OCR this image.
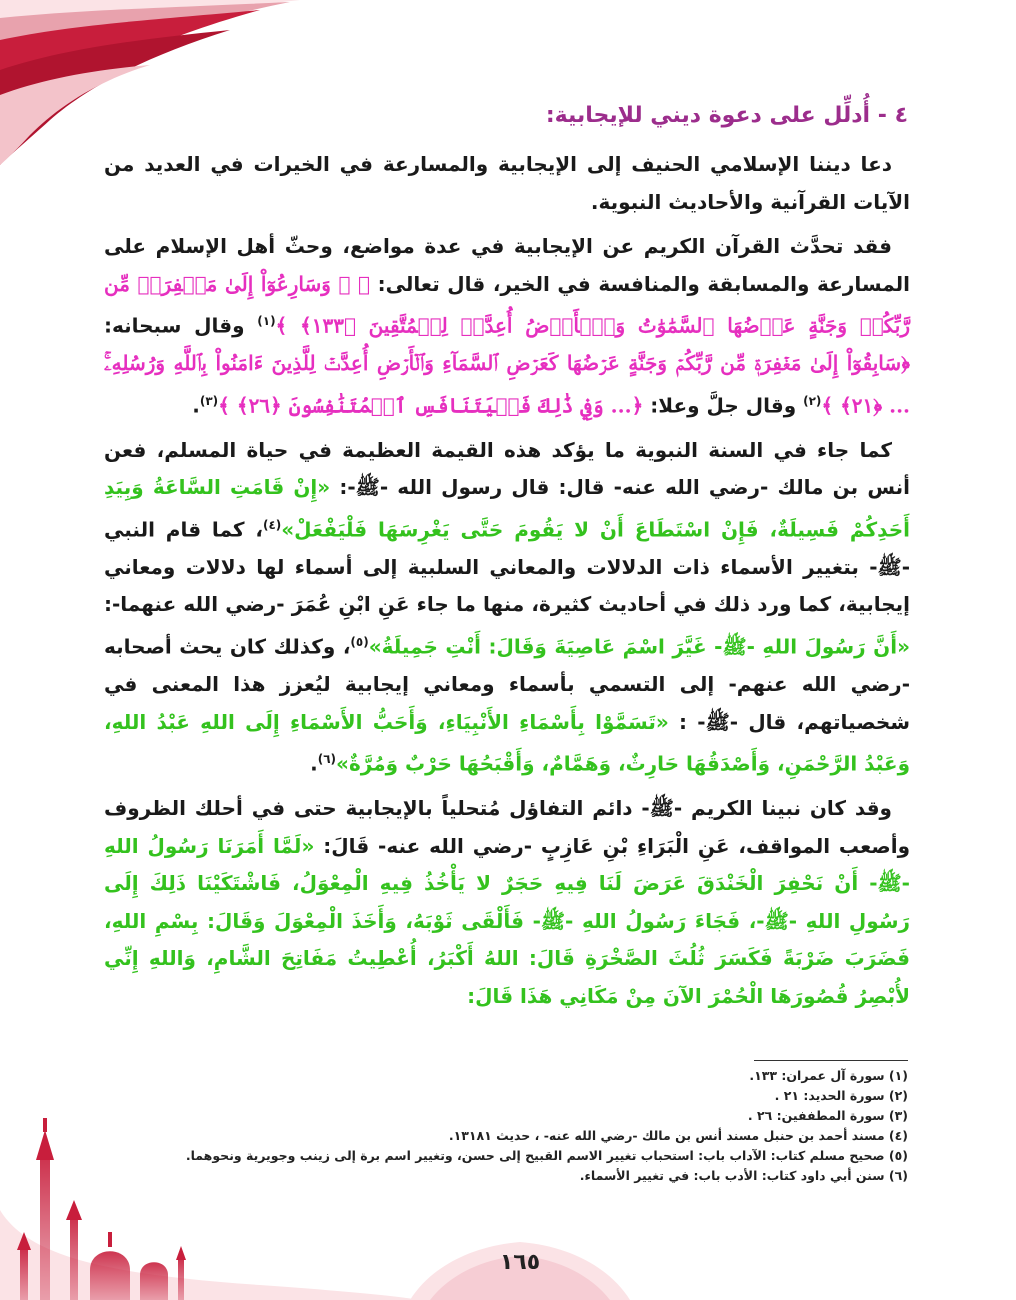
١٦٥
٤ - أُدلِّل على دعوة ديني للإيجابية:

دعا ديننا الإسلامي الحنيف إلى الإيجابية والمسارعة في الخيرات في العديد من الآيات القرآنية والأحاديث النبوية.

فقد تحدَّث القرآن الكريم عن الإيجابية في عدة مواضع، وحثّ أهل الإسلام على المسارعة والمسابقة والمنافسة في الخير، قال تعالى: ﴿ ۞ وَسَارِعُوٓاْ إِلَىٰ مَغۡفِرَةٖ مِّن رَّبِّكُمۡ وَجَنَّةٍ عَرۡضُهَا ٱلسَّمَٰوَٰتُ وَٱلۡأَرۡضُ أُعِدَّتۡ لِلۡمُتَّقِينَ ﴿١٣٣﴾ ﴾$^{(١)}$ وقال سبحانه: ﴿سَابِقُوٓاْ إِلَىٰ مَغۡفِرَةٖ مِّن رَّبِّكُمۡ وَجَنَّةٍ عَرۡضُهَا كَعَرۡضِ ٱلسَّمَآءِ وَٱلۡأَرۡضِ أُعِدَّتۡ لِلَّذِينَ ءَامَنُواْ بِٱللَّهِ وَرُسُلِهِۦۚ ... ﴿٢١﴾ ﴾$^{(٢)}$ وقال جلَّ وعلا: ﴿... وَفِي ذَٰلِكَ فَلۡيَتَنَافَسِ ٱلۡمُتَنَٰفِسُونَ ﴿٢٦﴾ ﴾$^{(٣)}$.

كما جاء في السنة النبوية ما يؤكد هذه القيمة العظيمة في حياة المسلم، فعن أنس بن مالك -رضي الله عنه- قال: قال رسول الله -ﷺ-: «إِنْ قَامَتِ السَّاعَةُ وَبِيَدِ أَحَدِكُمْ فَسِيلَةٌ، فَإِنْ اسْتَطَاعَ أَنْ لا يَقُومَ حَتَّى يَغْرِسَهَا فَلْيَفْعَلْ»$^{(٤)}$، كما قام النبي -ﷺ- بتغيير الأسماء ذات الدلالات والمعاني السلبية إلى أسماء لها دلالات ومعاني إيجابية، كما ورد ذلك في أحاديث كثيرة، منها ما جاء عَنِ ابْنِ عُمَرَ -رضي الله عنهما-: «أَنَّ رَسُولَ اللهِ -ﷺ- غَيَّرَ اسْمَ عَاصِيَةَ وَقَالَ: أَنْتِ جَمِيلَةُ»$^{(٥)}$، وكذلك كان يحث أصحابه -رضي الله عنهم- إلى التسمي بأسماء ومعاني إيجابية ليُعزز هذا المعنى في شخصياتهم، قال -ﷺ- : «تَسَمَّوْا بِأَسْمَاءِ الأَنْبِيَاءِ، وَأَحَبُّ الأَسْمَاءِ إِلَى اللهِ عَبْدُ اللهِ، وَعَبْدُ الرَّحْمَنِ، وَأَصْدَقُهَا حَارِثٌ، وَهَمَّامٌ، وَأَقْبَحُهَا حَرْبٌ وَمُرَّةٌ»$^{(٦)}$.

وقد كان نبينا الكريم -ﷺ- دائم التفاؤل مُتحلياً بالإيجابية حتى في أحلك الظروف وأصعب المواقف، عَنِ الْبَرَاءِ بْنِ عَازِبٍ -رضي الله عنه- قَالَ: «لَمَّا أَمَرَنَا رَسُولُ اللهِ -ﷺ- أَنْ نَحْفِرَ الْخَنْدَقَ عَرَضَ لَنَا فِيهِ حَجَرٌ لا يَأْخُذُ فِيهِ الْمِعْوَلُ، فَاشْتَكَيْنَا ذَلِكَ إِلَى رَسُولِ اللهِ -ﷺ-، فَجَاءَ رَسُولُ اللهِ -ﷺ- فَأَلْقَى ثَوْبَهُ، وَأَخَذَ الْمِعْوَلَ وَقَالَ: بِسْمِ اللهِ، فَضَرَبَ ضَرْبَةً فَكَسَرَ ثُلُثَ الصَّخْرَةِ قَالَ: اللهُ أَكْبَرُ، أُعْطِيتُ مَفَاتِحَ الشَّامِ، وَاللهِ إِنِّي لأُبْصِرُ قُصُورَهَا الْحُمْرَ الآنَ مِنْ مَكَانِي هَذَا قَالَ:

(١) سورة آل عمران: ١٣٣.
(٢) سورة الحديد: ٢١ .
(٣) سورة المطففين: ٢٦ .
(٤) مسند أحمد بن حنبل مسند أنس بن مالك -رضي الله عنه- ، حديث ١٣١٨١.
(٥) صحيح مسلم كتاب: الآداب باب: استحباب تغيير الاسم القبيح إلى حسن، وتغيير اسم برة إلى زينب وجويرية ونحوهما.
(٦) سنن أبي داود كتاب: الأدب باب: في تغيير الأسماء.
